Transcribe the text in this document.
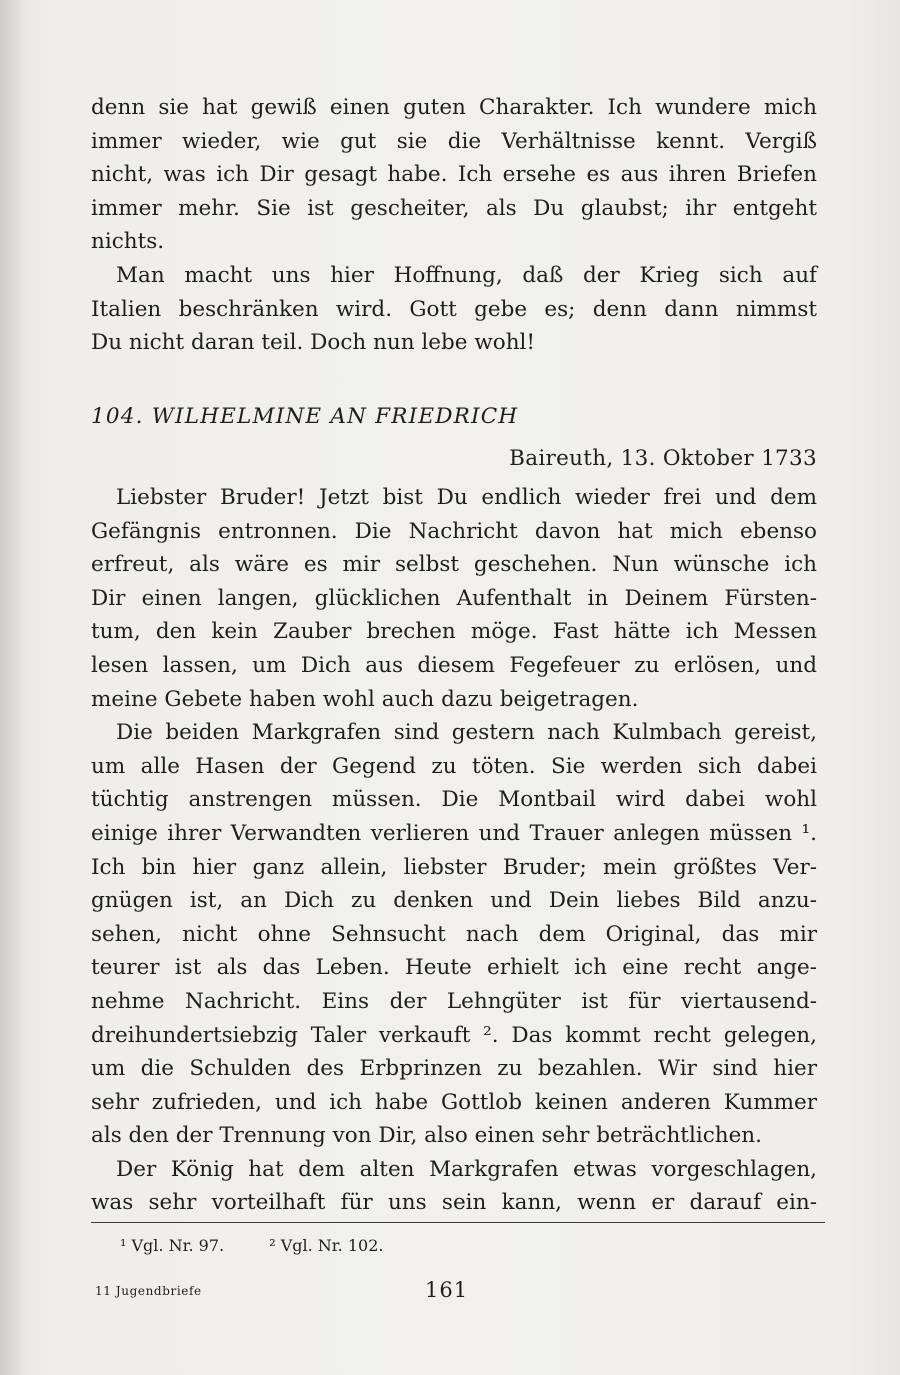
denn sie hat gewiß einen guten Charakter. Ich wundere mich
immer wieder, wie gut sie die Verhältnisse kennt. Vergiß
nicht, was ich Dir gesagt habe. Ich ersehe es aus ihren Briefen
immer mehr. Sie ist gescheiter, als Du glaubst; ihr entgeht
nichts.
Man macht uns hier Hoffnung, daß der Krieg sich auf
Italien beschränken wird. Gott gebe es; denn dann nimmst
Du nicht daran teil. Doch nun lebe wohl!
104. WILHELMINE AN FRIEDRICH
Baireuth, 13. Oktober 1733
Liebster Bruder! Jetzt bist Du endlich wieder frei und dem
Gefängnis entronnen. Die Nachricht davon hat mich ebenso
erfreut, als wäre es mir selbst geschehen. Nun wünsche ich
Dir einen langen, glücklichen Aufenthalt in Deinem Fürsten-
tum, den kein Zauber brechen möge. Fast hätte ich Messen
lesen lassen, um Dich aus diesem Fegefeuer zu erlösen, und
meine Gebete haben wohl auch dazu beigetragen.
Die beiden Markgrafen sind gestern nach Kulmbach gereist,
um alle Hasen der Gegend zu töten. Sie werden sich dabei
tüchtig anstrengen müssen. Die Montbail wird dabei wohl
einige ihrer Verwandten verlieren und Trauer anlegen müssen ¹.
Ich bin hier ganz allein, liebster Bruder; mein größtes Ver-
gnügen ist, an Dich zu denken und Dein liebes Bild anzu-
sehen, nicht ohne Sehnsucht nach dem Original, das mir
teurer ist als das Leben. Heute erhielt ich eine recht ange-
nehme Nachricht. Eins der Lehngüter ist für viertausend-
dreihundertsiebzig Taler verkauft ². Das kommt recht gelegen,
um die Schulden des Erbprinzen zu bezahlen. Wir sind hier
sehr zufrieden, und ich habe Gottlob keinen anderen Kummer
als den der Trennung von Dir, also einen sehr beträchtlichen.
Der König hat dem alten Markgrafen etwas vorgeschlagen,
was sehr vorteilhaft für uns sein kann, wenn er darauf ein-
¹ Vgl. Nr. 97.	² Vgl. Nr. 102.
11 Jugendbriefe	161
